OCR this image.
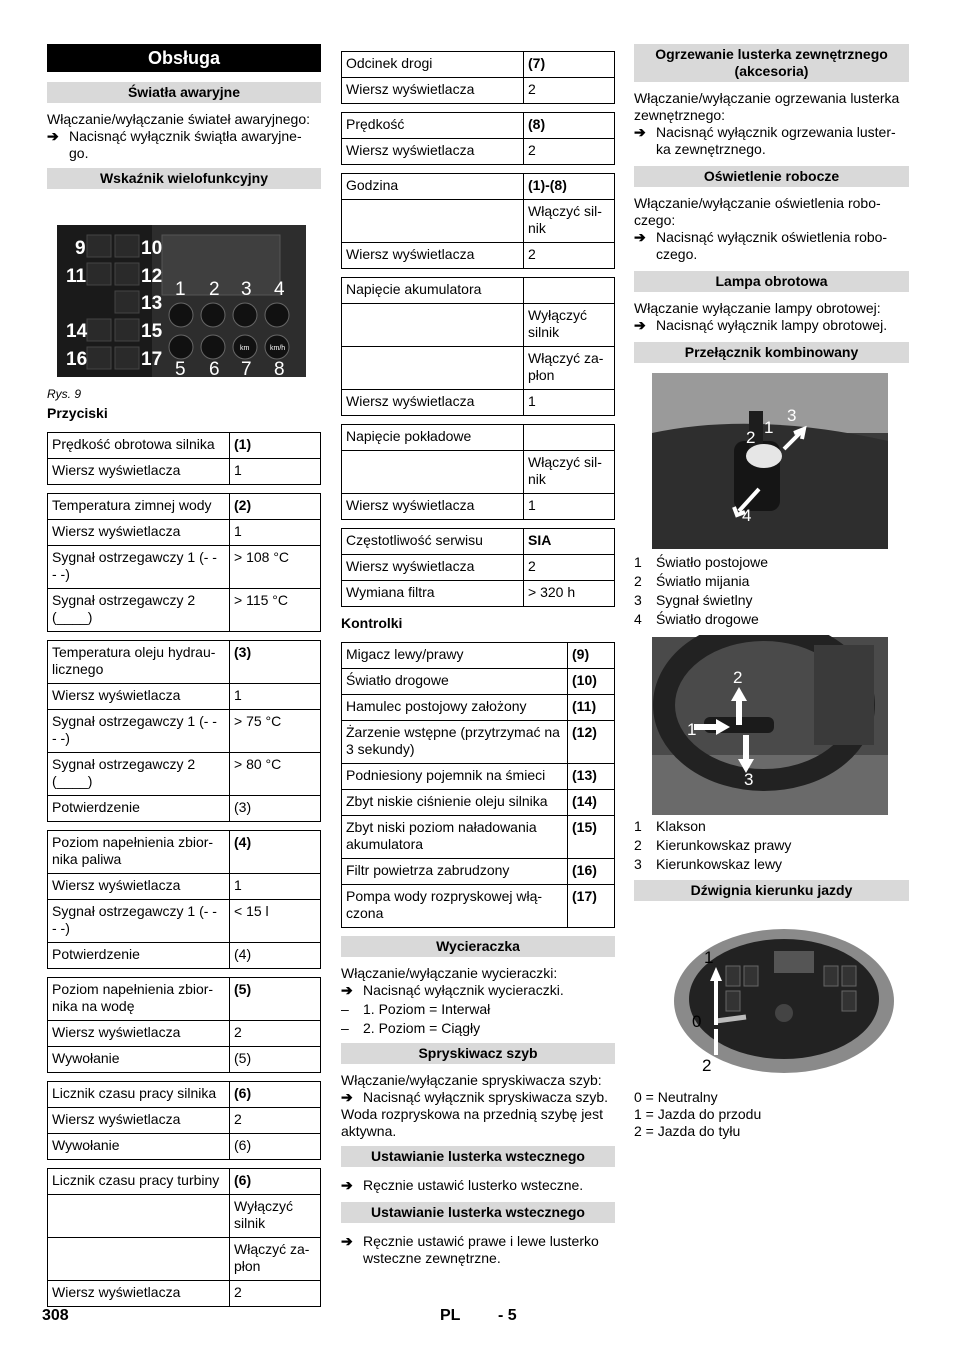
Obsługa
Światła awaryjne

Włączanie/wyłączanie świateł awaryjnego:

➔ Nacisnąć wyłącznik świątła awaryjne-go.
Wskaźnik wielofunkcyjny
9	10
11	12
13
14	15
16	17
km	km/h
1 2 3 4
5 6 7 8
Rys. 9

Przyciski

Prędkość obrotowa silnika	(1)
Wiersz wyświetlacza	1
Temperatura zimnej wody	(2)
Wiersz wyświetlacza	1
Sygnał ostrzegawczy 1 (- - - -)	> 108 °C
Sygnał ostrzegawczy 2 (____)	> 115 °C
Temperatura oleju hydrau-licznego	(3)
Wiersz wyświetlacza	1
Sygnał ostrzegawczy 1 (- - - -)	> 75 °C
Sygnał ostrzegawczy 2 (____)	> 80 °C
Potwierdzenie	(3)
Poziom napełnienia zbior-nika paliwa	(4)
Wiersz wyświetlacza	1
Sygnał ostrzegawczy 1 (- - - -)	< 15 l
Potwierdzenie	(4)
Poziom napełnienia zbior-nika na wodę	(5)
Wiersz wyświetlacza	2
Wywołanie	(5)
Licznik czasu pracy silnika	(6)
Wiersz wyświetlacza	2
Wywołanie	(6)
Licznik czasu pracy turbiny	(6)
	Wyłączyć silnik
	Włączyć za-płon
Wiersz wyświetlacza	2
Odcinek drogi	(7)
Wiersz wyświetlacza	2
Prędkość	(8)
Wiersz wyświetlacza	2
Godzina	(1)-(8)
	Włączyć sil-nik
Wiersz wyświetlacza	2
Napięcie akumulatora	
	Wyłączyć silnik
	Włączyć za-płon
Wiersz wyświetlacza	1
Napięcie pokładowe	
	Włączyć sil-nik
Wiersz wyświetlacza	1
Częstotliwość serwisu	SIA
Wiersz wyświetlacza	2
Wymiana filtra	> 320 h

Kontrolki

Migacz lewy/prawy	(9)
Światło drogowe	(10)
Hamulec postojowy założony	(11)
Żarzenie wstępne (przytrzymać na 3 sekundy)	(12)
Podniesiony pojemnik na śmieci	(13)
Zbyt niskie ciśnienie oleju silnika	(14)
Zbyt niski poziom naładowania akumulatora	(15)
Filtr powietrza zabrudzony	(16)
Pompa wody rozpryskowej włą-czona	(17)
Wycieraczka

Włączanie/wyłączanie wycieraczki:

➔ Nacisnąć wyłącznik wycieraczki.
– 1. Poziom = Interwał
– 2. Poziom = Ciągły
Spryskiwacz szyb

Włączanie/wyłączanie spryskiwacza szyb:

➔ Nacisnąć wyłącznik spryskiwacza szyb.

Woda rozpryskowa na przednią szybę jest aktywna.

Ustawianie lusterka wstecznego
➔ Ręcznie ustawić lusterko wsteczne.
Ustawianie lusterka wstecznego
➔ Ręcznie ustawić prawe i lewe lusterko wsteczne zewnętrzne.
Ogrzewanie lusterka zewnętrznego (akcesoria)

Włączanie/wyłączanie ogrzewania lusterka zewnętrznego:

➔ Nacisnąć wyłącznik ogrzewania luster-ka zewnętrznego.
Oświetlenie robocze

Włączanie/wyłączanie oświetlenia robo-czego:

➔ Nacisnąć wyłącznik oświetlenia robo-czego.
Lampa obrotowa

Włączanie wyłączanie lampy obrotowej:

➔ Nacisnąć wyłącznik lampy obrotowej.
Przełącznik kombinowany
2
1
3
4
1	Światło postojowe
2	Światło mijania
3	Sygnał świetlny
4	Światło drogowe
2
1
3
1	Klakson
2	Kierunkowskaz prawy
3	Kierunkowskaz lewy
Dźwignia kierunku jazdy
1
0
2

0 = Neutralny

1 = Jazda do przodu

2 = Jazda do tyłu

308	PL - 5
